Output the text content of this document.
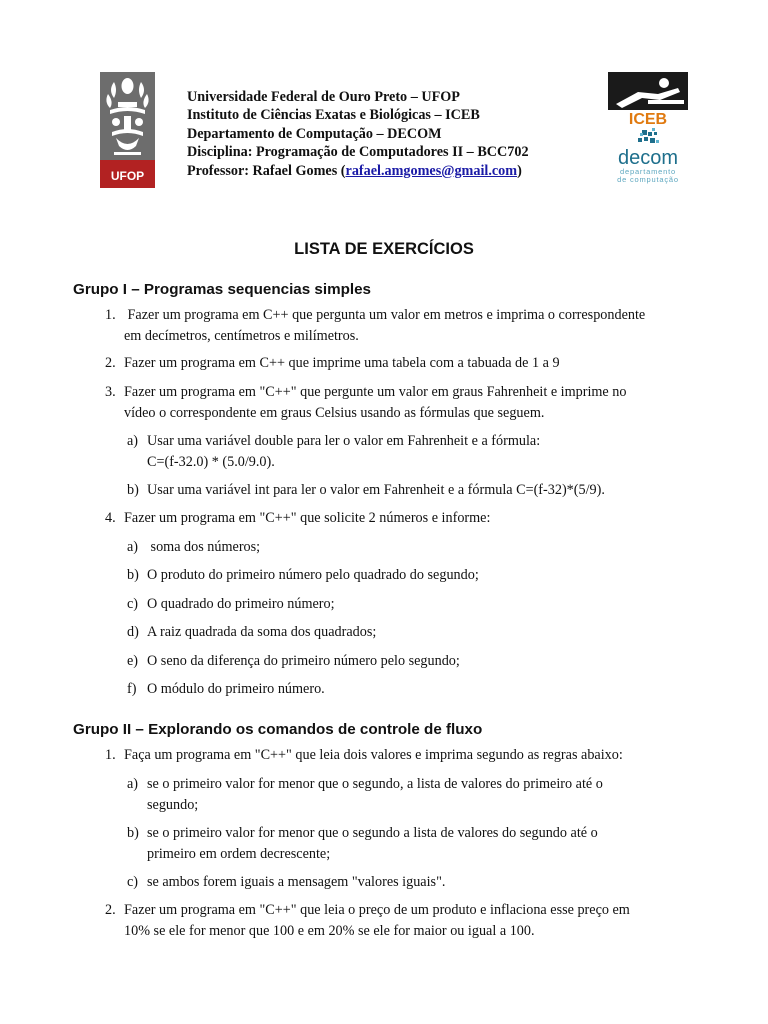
UFOP
Universidade Federal de Ouro Preto – UFOP
Instituto de Ciências Exatas e Biológicas – ICEB
Departamento de Computação – DECOM
Disciplina: Programação de Computadores II – BCC702
Professor: Rafael Gomes (rafael.amgomes@gmail.com)
ICEB
decom
departamento
de computação
LISTA DE EXERCÍCIOS
Grupo I – Programas sequencias simples
1. Fazer um programa em C++ que pergunta um valor em metros e imprima o correspondente
em decímetros, centímetros e milímetros.
2. Fazer um programa em C++ que imprime uma tabela com a tabuada de 1 a 9
3. Fazer um programa em "C++" que pergunte um valor em graus Fahrenheit e imprime no
vídeo o correspondente em graus Celsius usando as fórmulas que seguem.
a) Usar uma variável double para ler o valor em Fahrenheit e a fórmula:
C=(f-32.0) * (5.0/9.0).
b) Usar uma variável int para ler o valor em Fahrenheit e a fórmula C=(f-32)*(5/9).
4. Fazer um programa em "C++" que solicite 2 números e informe:
a) soma dos números;
b) O produto do primeiro número pelo quadrado do segundo;
c) O quadrado do primeiro número;
d) A raiz quadrada da soma dos quadrados;
e) O seno da diferença do primeiro número pelo segundo;
f) O módulo do primeiro número.
Grupo II – Explorando os comandos de controle de fluxo
1. Faça um programa em "C++" que leia dois valores e imprima segundo as regras abaixo:
a) se o primeiro valor for menor que o segundo, a lista de valores do primeiro até o
segundo;
b) se o primeiro valor for menor que o segundo a lista de valores do segundo até o
primeiro em ordem decrescente;
c) se ambos forem iguais a mensagem "valores iguais".
2. Fazer um programa em "C++" que leia o preço de um produto e inflaciona esse preço em
10% se ele for menor que 100 e em 20% se ele for maior ou igual a 100.
